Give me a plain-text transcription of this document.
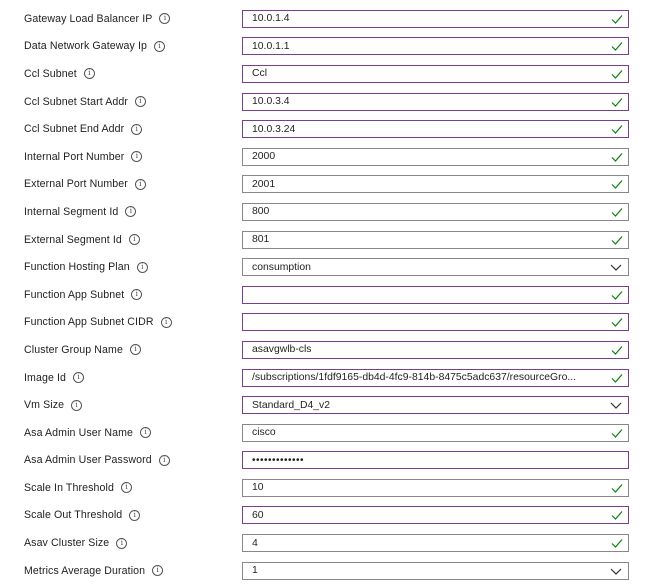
Gateway Load Balancer IP	i	10.0.1.4
Data Network Gateway Ip	i	10.0.1.1
Ccl Subnet	i	Ccl
Ccl Subnet Start Addr	i	10.0.3.4
Ccl Subnet End Addr	i	10.0.3.24
Internal Port Number	i	2000
External Port Number	i	2001
Internal Segment Id	i	800
External Segment Id	i	801
Function Hosting Plan	i	consumption
Function App Subnet	i
Function App Subnet CIDR	i
Cluster Group Name	i	asavgwlb-cls
Image Id	i	/subscriptions/1fdf9165-db4d-4fc9-814b-8475c5adc637/resourceGro...
Vm Size	i	Standard_D4_v2
Asa Admin User Name	i	cisco
Asa Admin User Password	i	•••••••••••••
Scale In Threshold	i	10
Scale Out Threshold	i	60
Asav Cluster Size	i	4
Metrics Average Duration	i	1
